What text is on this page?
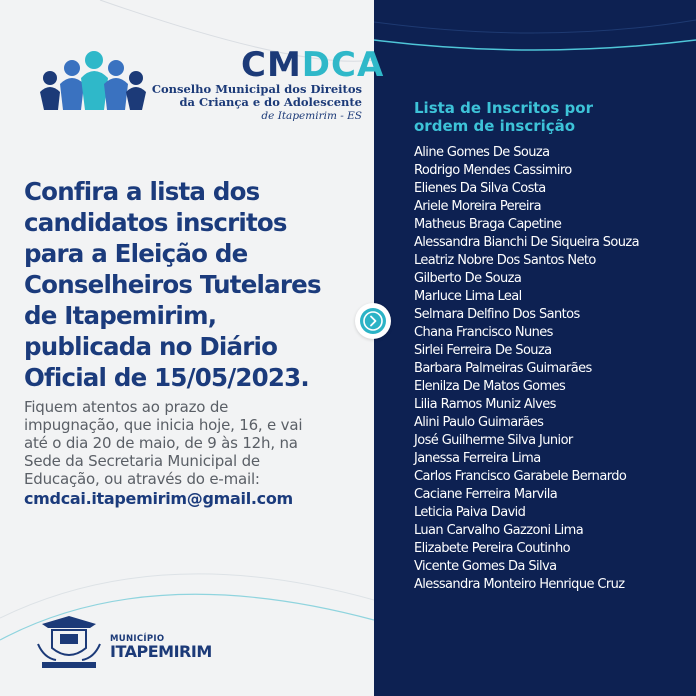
CMDCA
Conselho Municipal dos Direitos
da Criança e do Adolescente
de Itapemirim - ES
Confira a lista dos
candidatos inscritos
para a Eleição de
Conselheiros Tutelares
de Itapemirim,
publicada no Diário
Oficial de 15/05/2023.
Fiquem atentos ao prazo de
impugnação, que inicia hoje, 16, e vai
até o dia 20 de maio, de 9 às 12h, na
Sede da Secretaria Municipal de
Educação, ou através do e-mail:
cmdcai.itapemirim@gmail.com
MUNICÍPIO
ITAPEMIRIM
Lista de Inscritos por
ordem de inscrição
Aline Gomes De Souza
Rodrigo Mendes Cassimiro
Elienes Da Silva Costa
Ariele Moreira Pereira
Matheus Braga Capetine
Alessandra Bianchi De Siqueira Souza
Leatriz Nobre Dos Santos Neto
Gilberto De Souza
Marluce Lima Leal
Selmara Delfino Dos Santos
Chana Francisco Nunes
Sirlei Ferreira De Souza
Barbara Palmeiras Guimarães
Elenilza De Matos Gomes
Lilia Ramos Muniz Alves
Alini Paulo Guimarães
José Guilherme Silva Junior
Janessa Ferreira Lima
Carlos Francisco Garabele Bernardo
Caciane Ferreira Marvila
Leticia Paiva David
Luan Carvalho Gazzoni Lima
Elizabete Pereira Coutinho
Vicente Gomes Da Silva
Alessandra Monteiro Henrique Cruz
